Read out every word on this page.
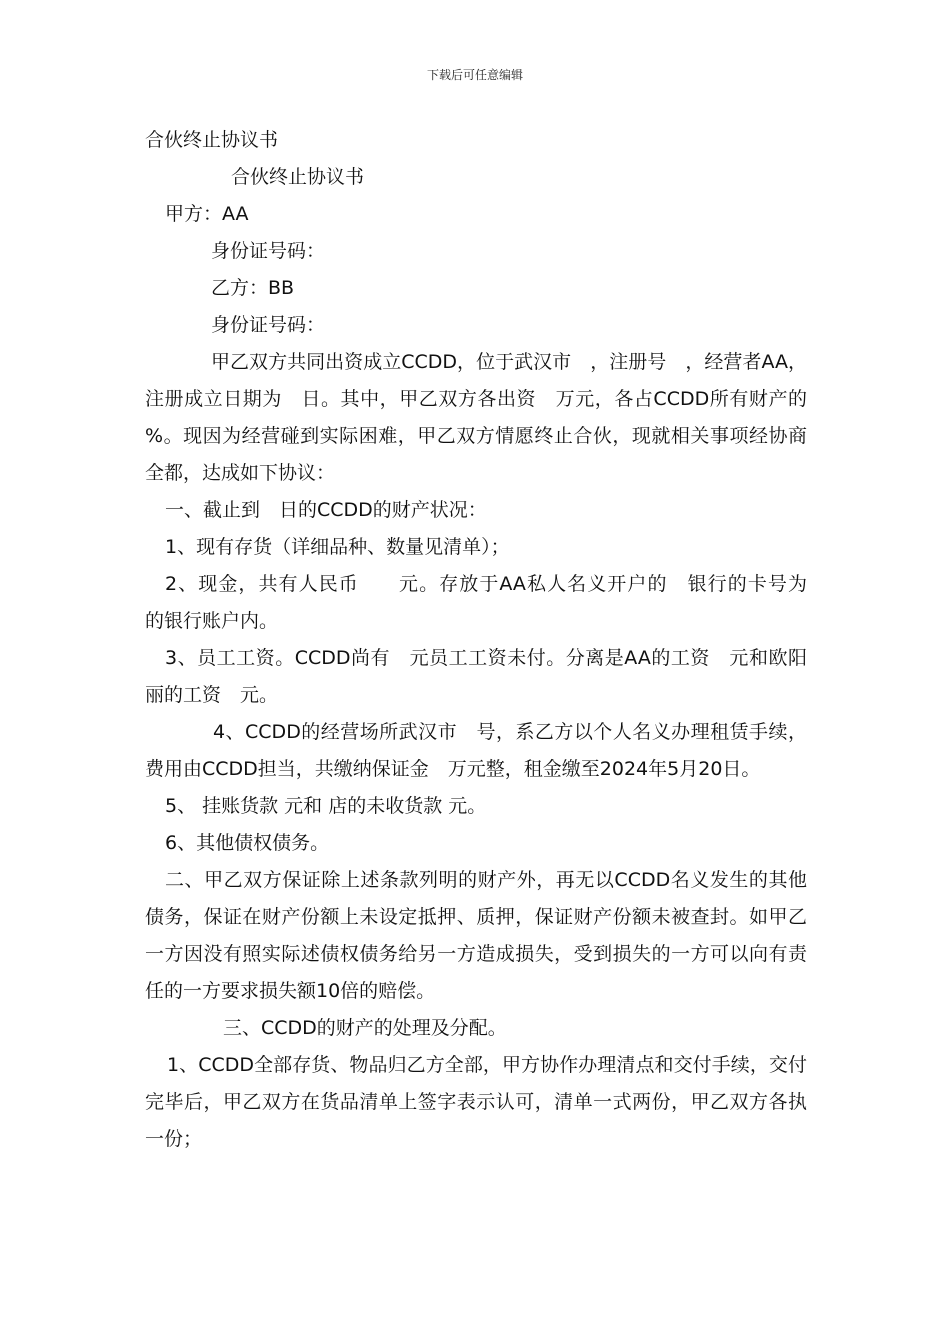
下载后可任意编辑

合伙终止协议书

合伙终止协议书

甲方：AA

身份证号码：

乙方：BB

身份证号码：

甲乙双方共同出资成立CCDD，位于武汉市　，注册号　，经营者AA，注册成立日期为　日。其中，甲乙双方各出资　万元，各占CCDD所有财产的　%。现因为经营碰到实际困难，甲乙双方情愿终止合伙，现就相关事项经协商全都，达成如下协议：

一、截止到　日的CCDD的财产状况：

1、现有存货（详细品种、数量见清单）；

2、现金，共有人民币　　元。存放于AA私人名义开户的　银行的卡号为　的银行账户内。

3、员工工资。CCDD尚有　元员工工资未付。分离是AA的工资　元和欧阳丽的工资　元。

4、CCDD的经营场所武汉市　号，系乙方以个人名义办理租赁手续，费用由CCDD担当，共缴纳保证金　万元整，租金缴至2024年5月20日。

5、 挂账货款 元和 店的未收货款 元。

6、其他债权债务。

二、甲乙双方保证除上述条款列明的财产外，再无以CCDD名义发生的其他债务，保证在财产份额上未设定抵押、质押，保证财产份额未被查封。如甲乙一方因没有照实际述债权债务给另一方造成损失，受到损失的一方可以向有责任的一方要求损失额10倍的赔偿。

三、CCDD的财产的处理及分配。

1、CCDD全部存货、物品归乙方全部，甲方协作办理清点和交付手续，交付完毕后，甲乙双方在货品清单上签字表示认可，清单一式两份，甲乙双方各执一份；
